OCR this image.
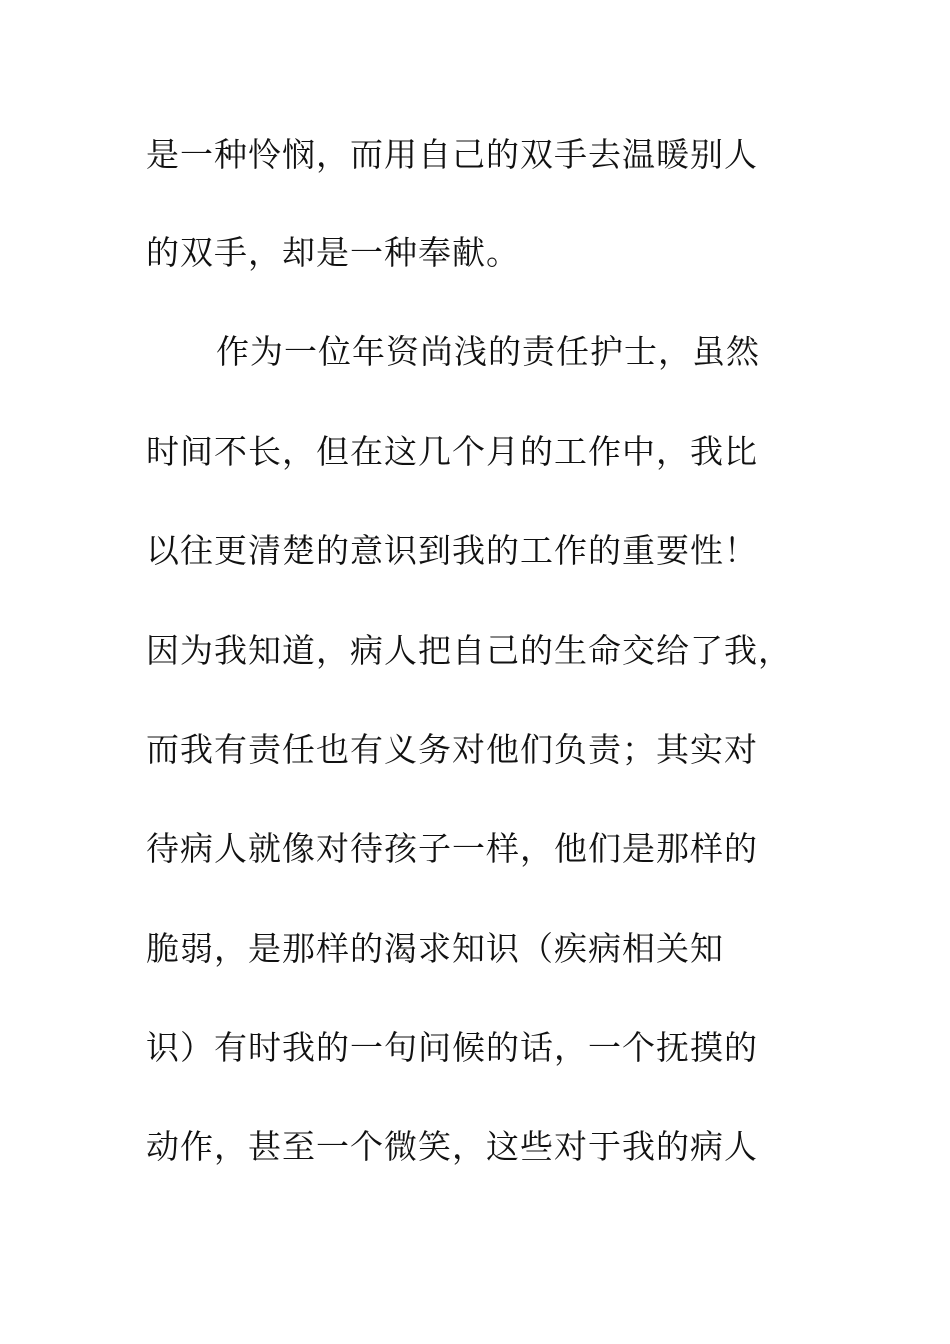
是一种怜悯，而用自己的双手去温暖别人
的双手，却是一种奉献。
作为一位年资尚浅的责任护士，虽然
时间不长，但在这几个月的工作中，我比
以往更清楚的意识到我的工作的重要性！
因为我知道，病人把自己的生命交给了我，
而我有责任也有义务对他们负责；其实对
待病人就像对待孩子一样，他们是那样的
脆弱，是那样的渴求知识（疾病相关知
识）有时我的一句问候的话，一个抚摸的
动作，甚至一个微笑，这些对于我的病人
